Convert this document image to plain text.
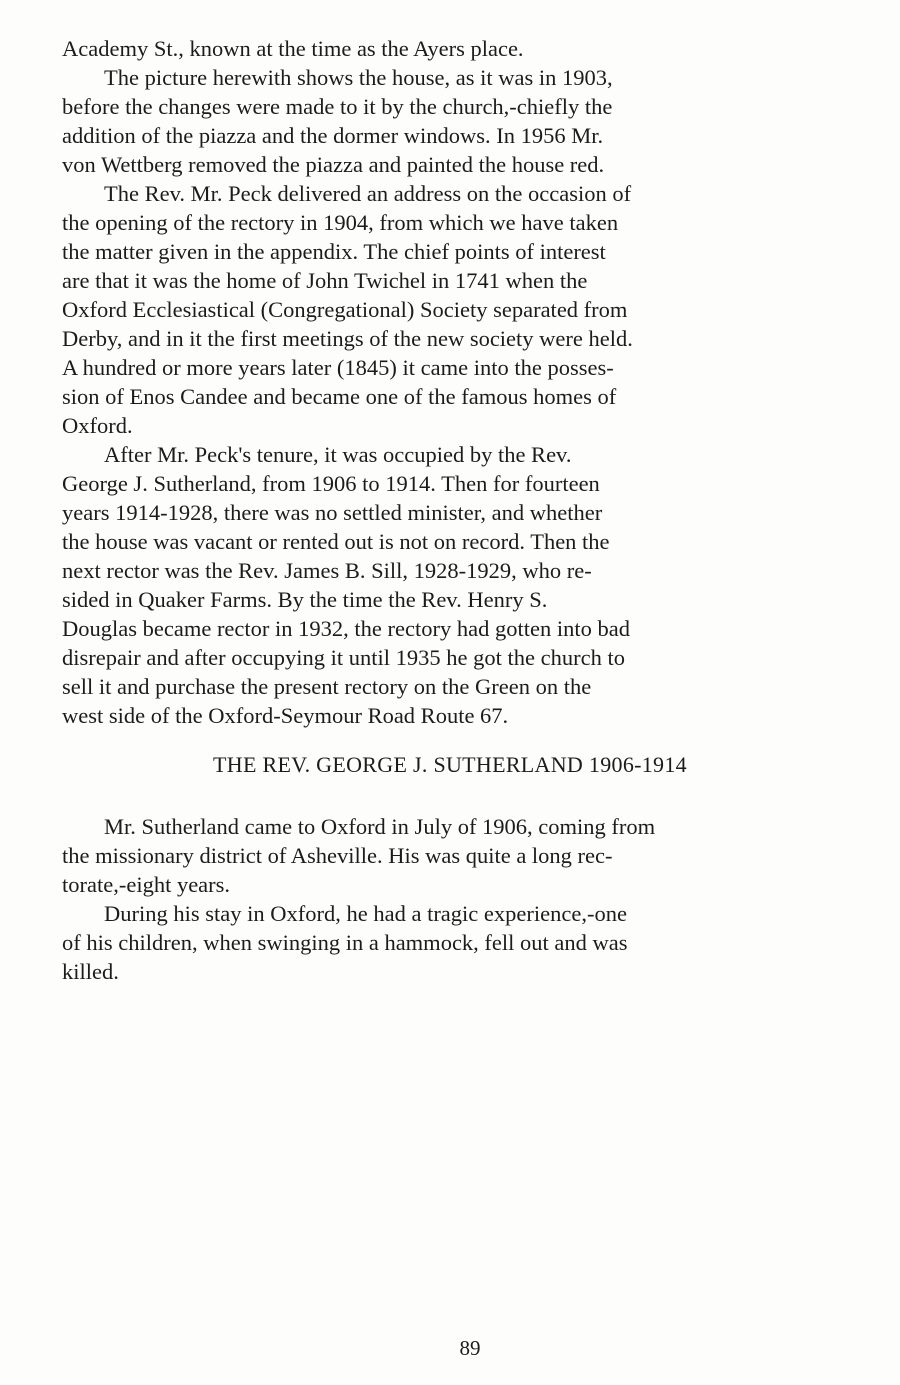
Academy St., known at the time as the Ayers place.
The picture herewith shows the house, as it was in 1903,
before the changes were made to it by the church,-chiefly the
addition of the piazza and the dormer windows. In 1956 Mr.
von Wettberg removed the piazza and painted the house red.
The Rev. Mr. Peck delivered an address on the occasion of
the opening of the rectory in 1904, from which we have taken
the matter given in the appendix. The chief points of interest
are that it was the home of John Twichel in 1741 when the
Oxford Ecclesiastical (Congregational) Society separated from
Derby, and in it the first meetings of the new society were held.
A hundred or more years later (1845) it came into the posses-
sion of Enos Candee and became one of the famous homes of
Oxford.
After Mr. Peck's tenure, it was occupied by the Rev.
George J. Sutherland, from 1906 to 1914. Then for fourteen
years 1914-1928, there was no settled minister, and whether
the house was vacant or rented out is not on record. Then the
next rector was the Rev. James B. Sill, 1928-1929, who re-
sided in Quaker Farms. By the time the Rev. Henry S.
Douglas became rector in 1932, the rectory had gotten into bad
disrepair and after occupying it until 1935 he got the church to
sell it and purchase the present rectory on the Green on the
west side of the Oxford-Seymour Road Route 67.
THE REV. GEORGE J. SUTHERLAND 1906-1914
Mr. Sutherland came to Oxford in July of 1906, coming from
the missionary district of Asheville. His was quite a long rec-
torate,-eight years.
During his stay in Oxford, he had a tragic experience,-one
of his children, when swinging in a hammock, fell out and was
killed.
89
